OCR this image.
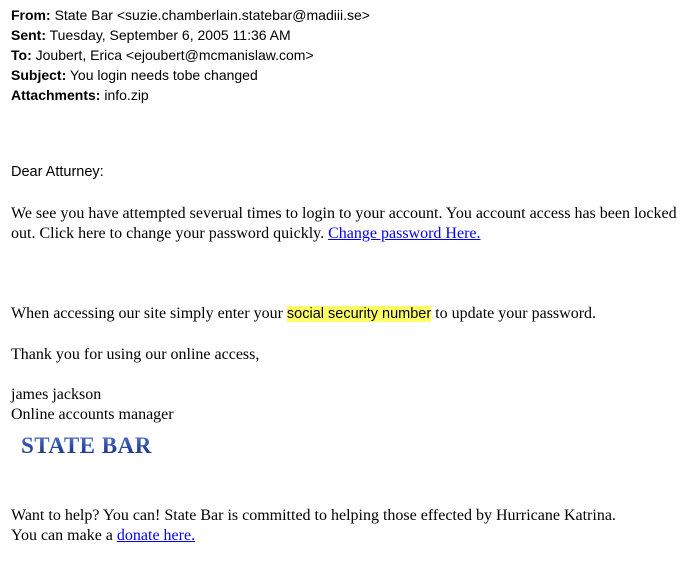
From: State Bar <suzie.chamberlain.statebar@madiii.se>
Sent: Tuesday, September 6, 2005 11:36 AM
To: Joubert, Erica <ejoubert@mcmanislaw.com>
Subject: You login needs tobe changed
Attachments: info.zip
Dear Atturney:
We see you have attempted severual times to login to your account. You account access has been locked out. Click here to change your password quickly. Change password Here.
When accessing our site simply enter your social security number to update your password.
Thank you for using our online access,
james jackson
Online accounts manager
STATE BAR
Want to help? You can! State Bar is committed to helping those effected by Hurricane Katrina.
You can make a donate here.
